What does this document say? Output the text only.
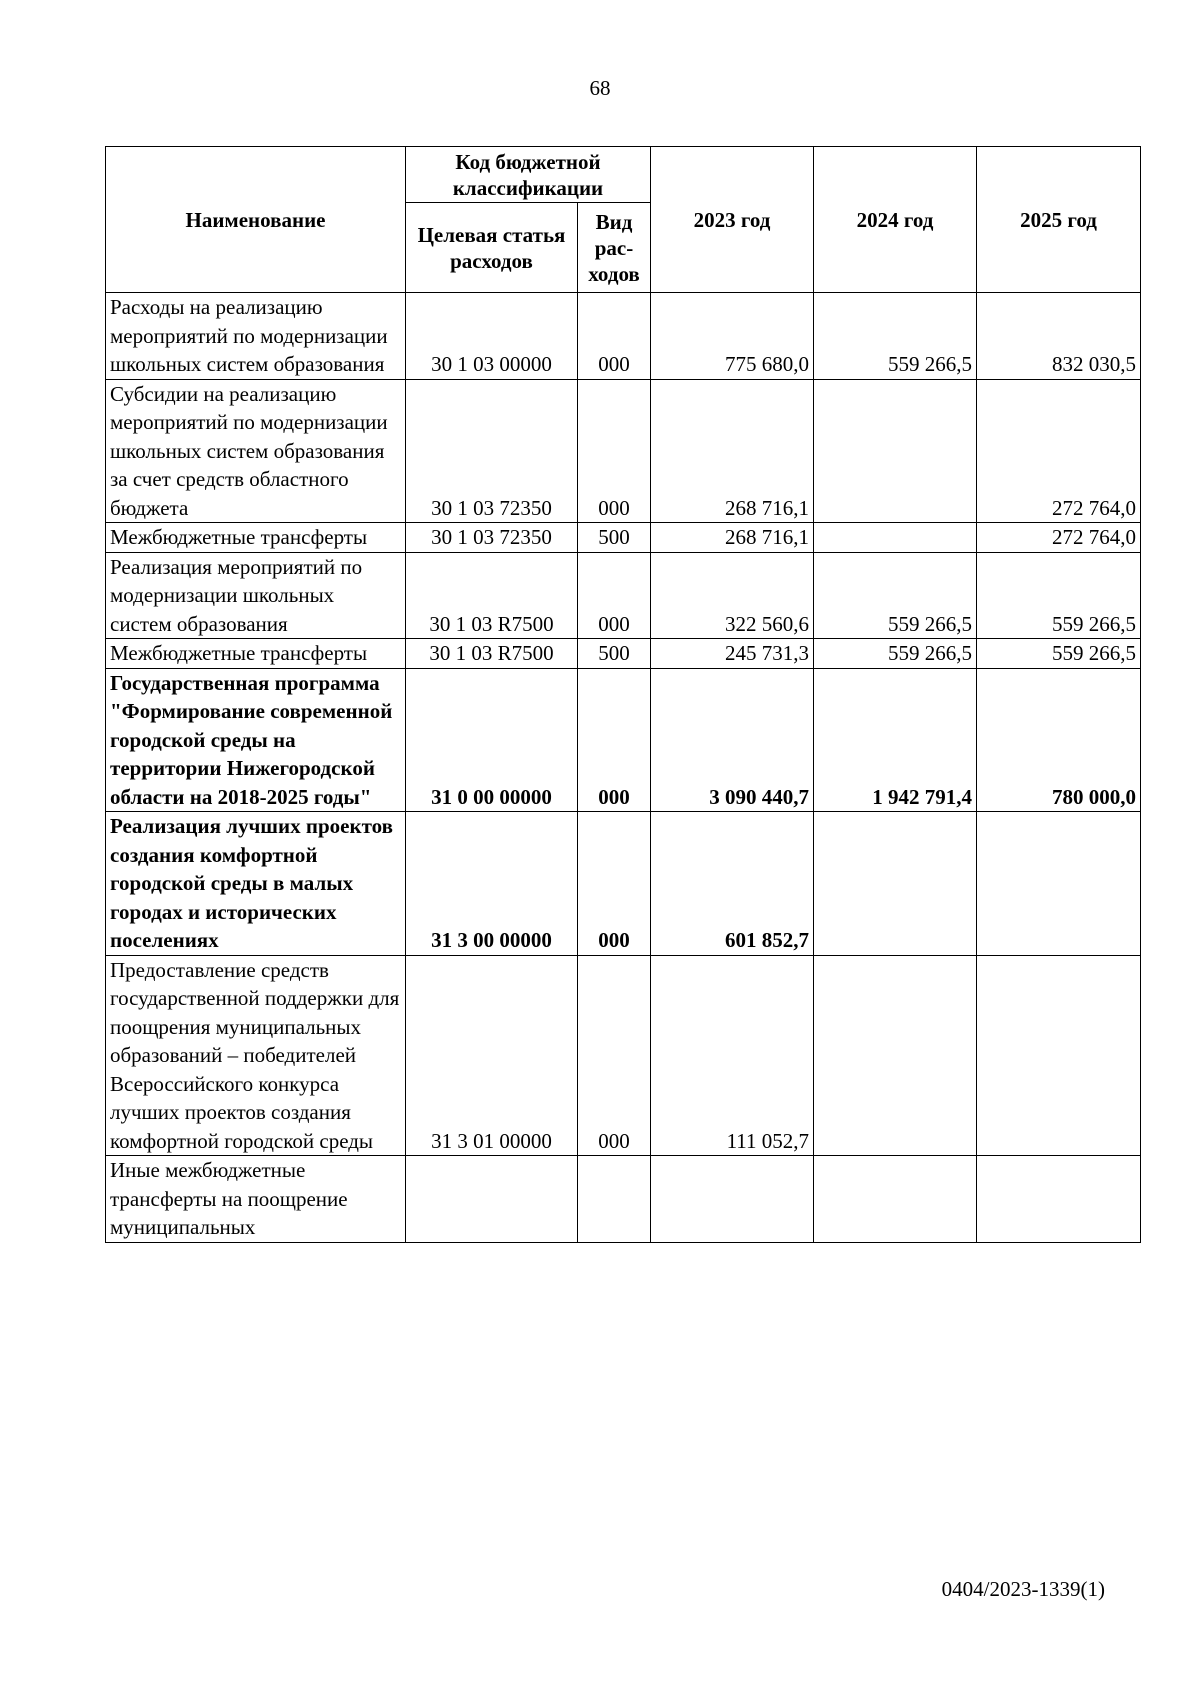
68
Наименование	Код бюджетной классификации		2023 год	2024 год	2025 год
	Целевая статья расходов	Вид рас-ходов			
Расходы на реализацию мероприятий по модернизации школьных систем образования	30 1 03 00000	000	775 680,0	559 266,5	832 030,5
Субсидии на реализацию мероприятий по модернизации школьных систем образования за счет средств областного бюджета	30 1 03 72350	000	268 716,1		272 764,0
Межбюджетные трансферты	30 1 03 72350	500	268 716,1		272 764,0
Реализация мероприятий по модернизации школьных систем образования	30 1 03 R7500	000	322 560,6	559 266,5	559 266,5
Межбюджетные трансферты	30 1 03 R7500	500	245 731,3	559 266,5	559 266,5
Государственная программа "Формирование современной городской среды на территории Нижегородской области на 2018-2025 годы"	31 0 00 00000	000	3 090 440,7	1 942 791,4	780 000,0
Реализация лучших проектов создания комфортной городской среды в малых городах и исторических поселениях	31 3 00 00000	000	601 852,7		
Предоставление средств государственной поддержки для поощрения муниципальных образований – победителей Всероссийского конкурса лучших проектов создания комфортной городской среды	31 3 01 00000	000	111 052,7		
Иные межбюджетные трансферты на поощрение муниципальных					
0404/2023-1339(1)
